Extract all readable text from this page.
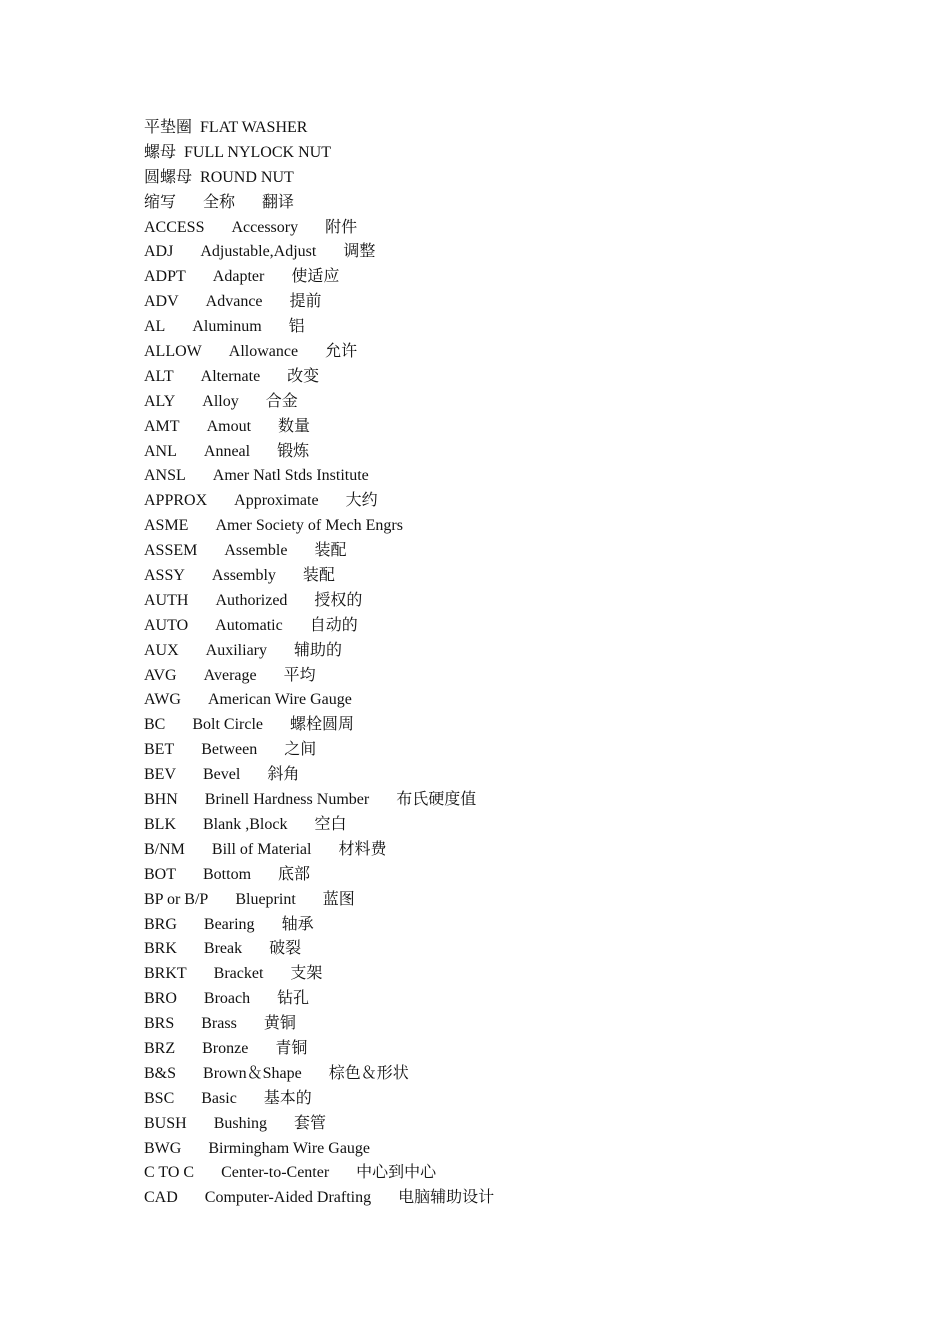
平垫圈 FLAT WASHER
螺母 FULL NYLOCK NUT
圆螺母 ROUND NUT
缩写 全称 翻译
ACCESS Accessory 附件
ADJ Adjustable,Adjust 调整
ADPT Adapter 使适应
ADV Advance 提前
AL Aluminum 铝
ALLOW Allowance 允许
ALT Alternate 改变
ALY Alloy 合金
AMT Amout 数量
ANL Anneal 锻炼
ANSL Amer Natl Stds Institute
APPROX Approximate 大约
ASME Amer Society of Mech Engrs
ASSEM Assemble 装配
ASSY Assembly 装配
AUTH Authorized 授权的
AUTO Automatic 自动的
AUX Auxiliary 辅助的
AVG Average 平均
AWG American Wire Gauge
BC Bolt Circle 螺栓圆周
BET Between 之间
BEV Bevel 斜角
BHN Brinell Hardness Number 布氏硬度值
BLK Blank ,Block 空白
B/NM Bill of Material 材料费
BOT Bottom 底部
BP or B/P Blueprint 蓝图
BRG Bearing 轴承
BRK Break 破裂
BRKT Bracket 支架
BRO Broach 钻孔
BRS Brass 黄铜
BRZ Bronze 青铜
B&S Brown＆Shape 棕色＆形状
BSC Basic 基本的
BUSH Bushing 套管
BWG Birmingham Wire Gauge
C TO C Center-to-Center 中心到中心
CAD Computer-Aided Drafting 电脑辅助设计
